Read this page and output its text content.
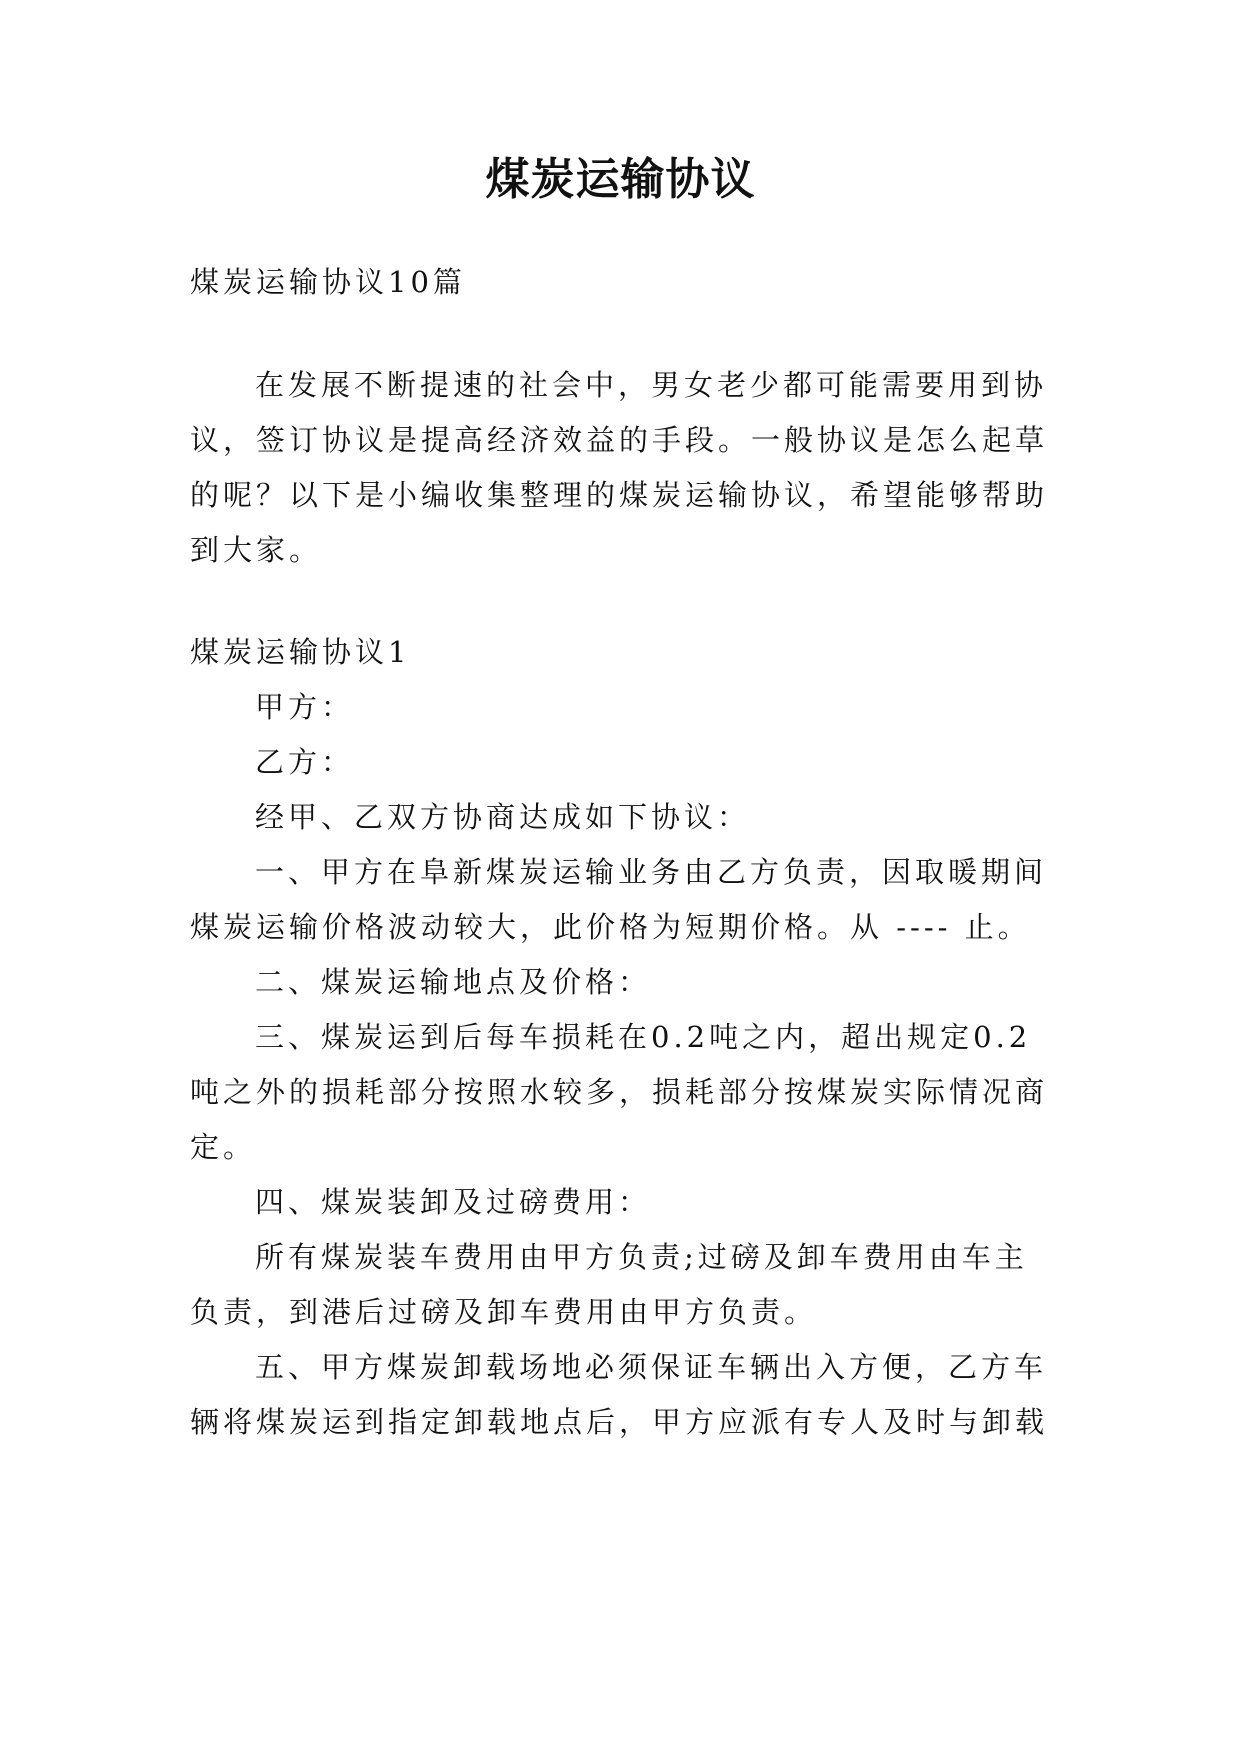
煤炭运输协议
煤炭运输协议10篇
在发展不断提速的社会中，男女老少都可能需要用到协
议，签订协议是提高经济效益的手段。一般协议是怎么起草
的呢？以下是小编收集整理的煤炭运输协议，希望能够帮助
到大家。
煤炭运输协议1
甲方：
乙方：
经甲、乙双方协商达成如下协议：
一、甲方在阜新煤炭运输业务由乙方负责，因取暖期间
煤炭运输价格波动较大，此价格为短期价格。从 ---- 止。
二、煤炭运输地点及价格：
三、煤炭运到后每车损耗在0.2吨之内，超出规定0.2
吨之外的损耗部分按照水较多，损耗部分按煤炭实际情况商
定。
四、煤炭装卸及过磅费用：
所有煤炭装车费用由甲方负责;过磅及卸车费用由车主
负责，到港后过磅及卸车费用由甲方负责。
五、甲方煤炭卸载场地必须保证车辆出入方便，乙方车
辆将煤炭运到指定卸载地点后，甲方应派有专人及时与卸载
